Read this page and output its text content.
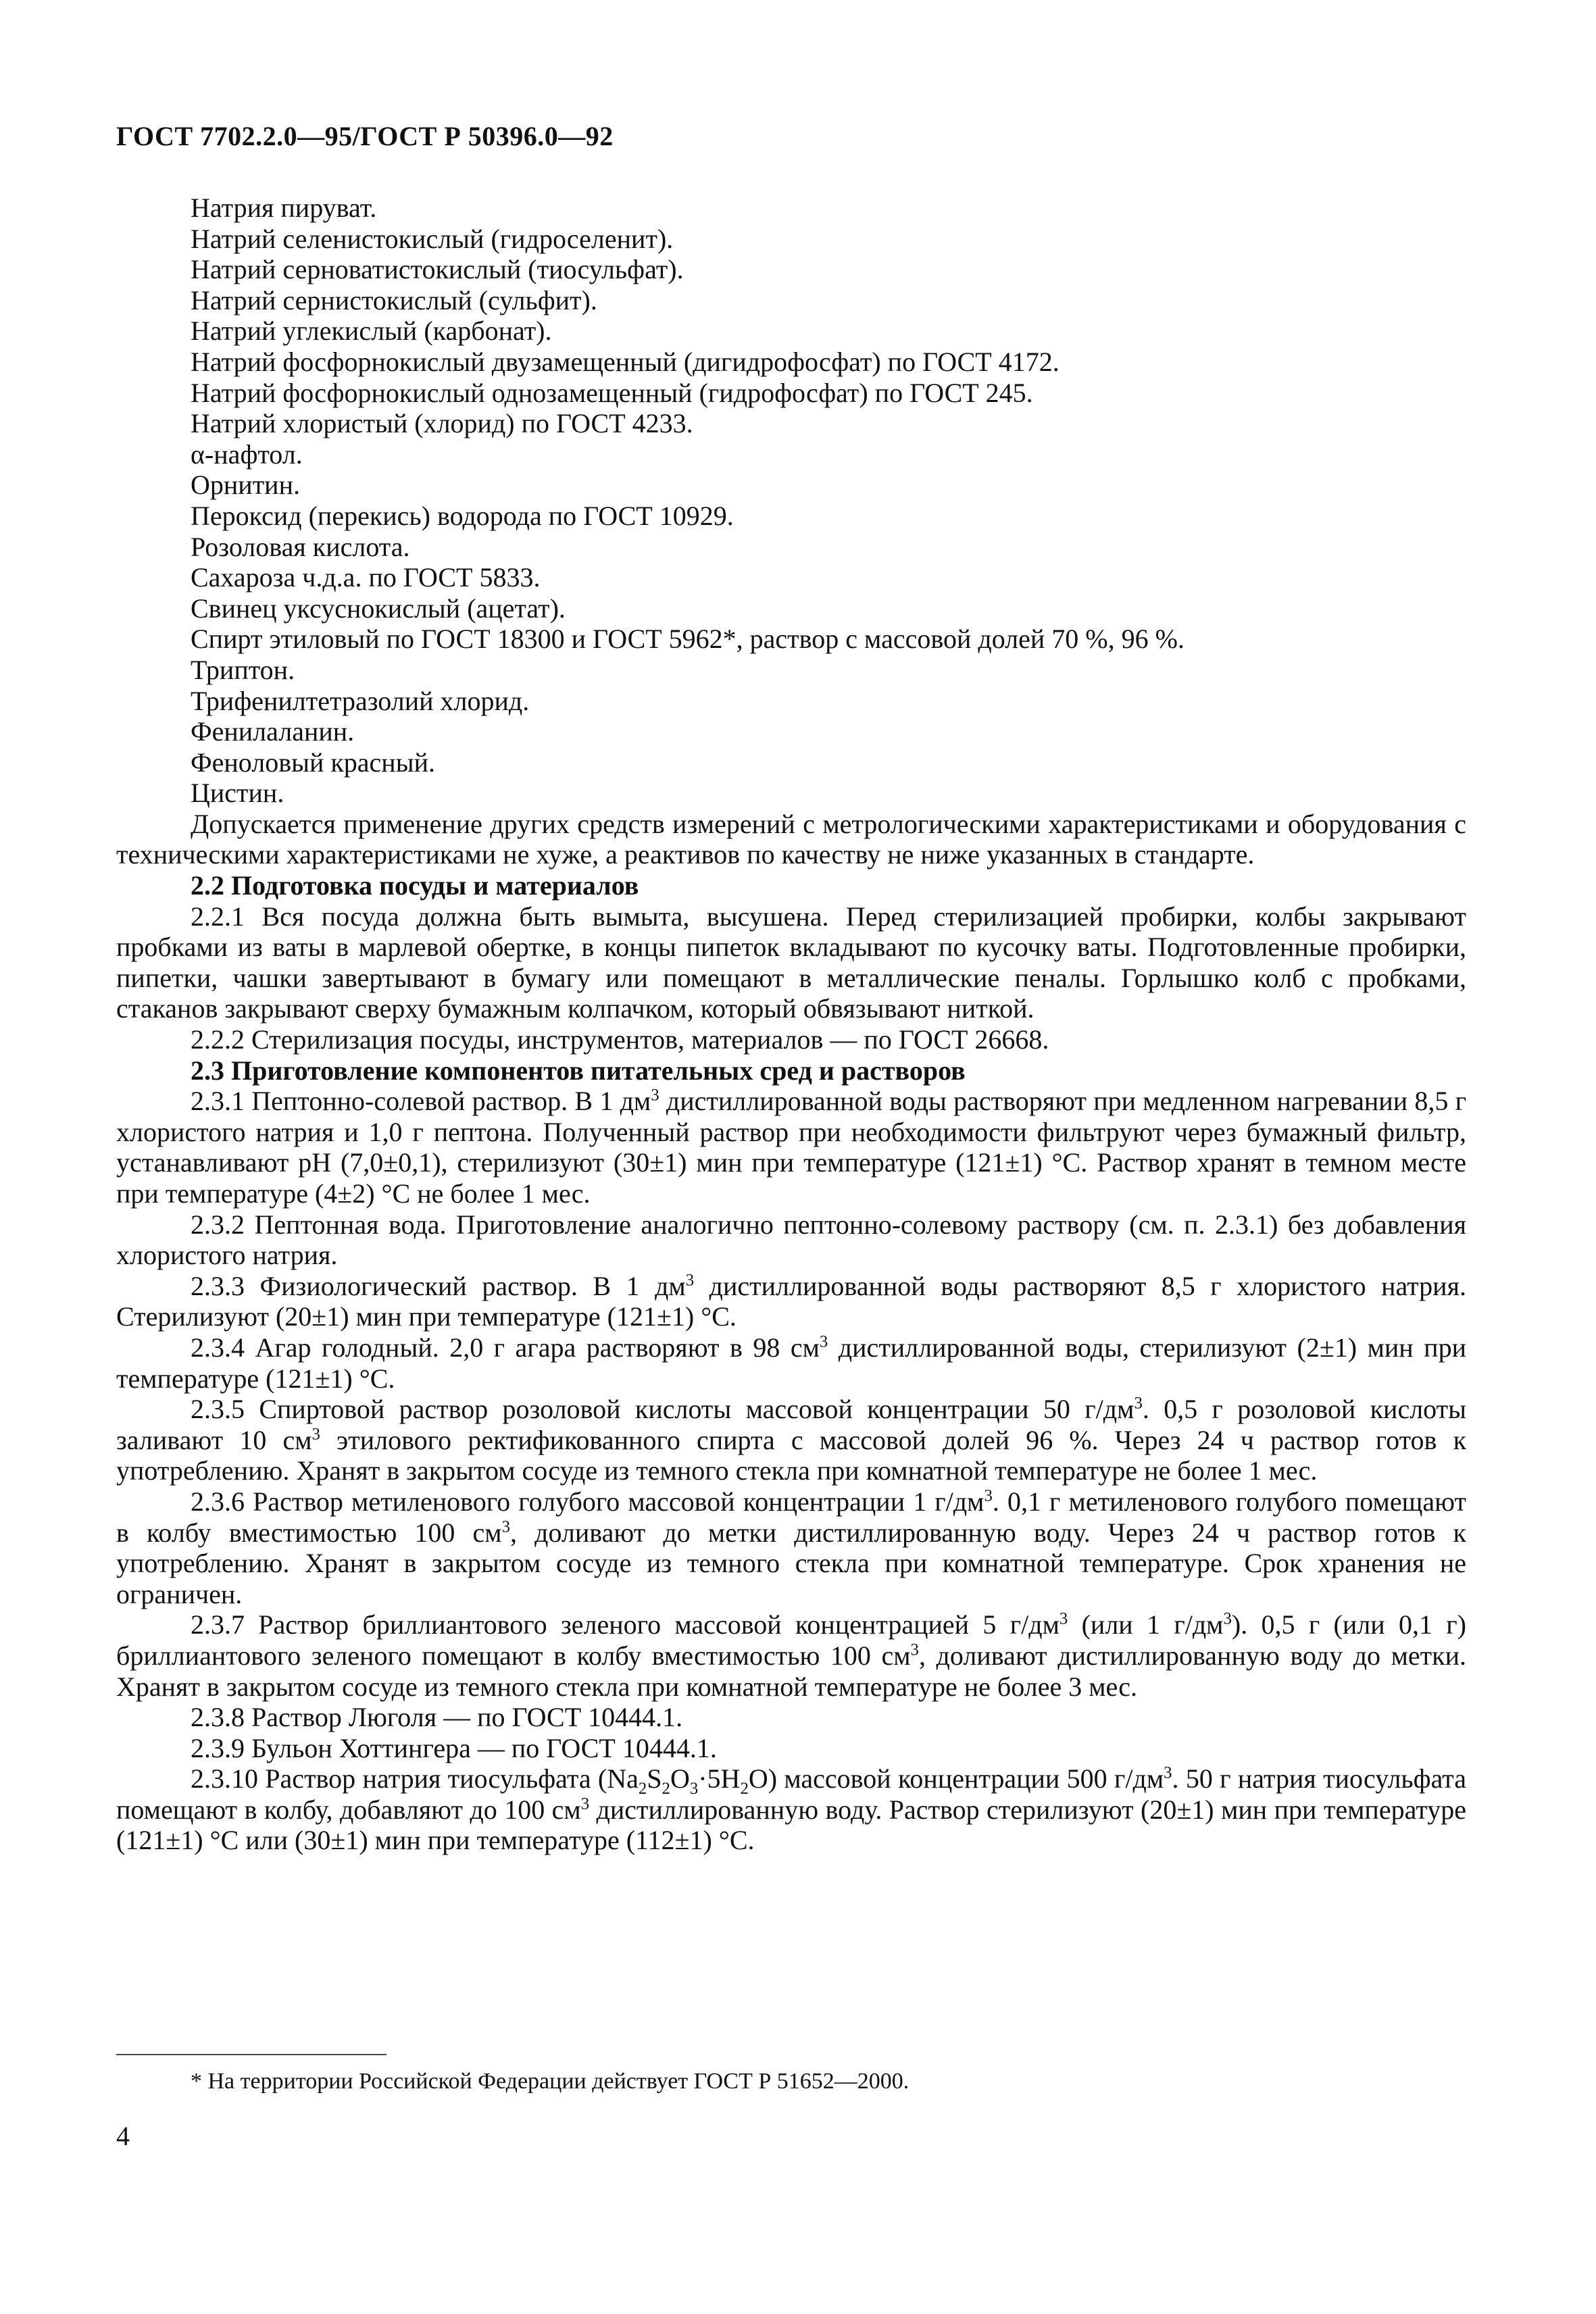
ГОСТ 7702.2.0—95/ГОСТ Р 50396.0—92
Натрия пируват.
Натрий селенистокислый (гидроселенит).
Натрий серноватистокислый (тиосульфат).
Натрий сернистокислый (сульфит).
Натрий углекислый (карбонат).
Натрий фосфорнокислый двузамещенный (дигидрофосфат) по ГОСТ 4172.
Натрий фосфорнокислый однозамещенный (гидрофосфат) по ГОСТ 245.
Натрий хлористый (хлорид) по ГОСТ 4233.
α-нафтол.
Орнитин.
Пероксид (перекись) водорода по ГОСТ 10929.
Розоловая кислота.
Сахароза ч.д.а. по ГОСТ 5833.
Свинец уксуснокислый (ацетат).
Спирт этиловый по ГОСТ 18300 и ГОСТ 5962*, раствор с массовой долей 70 %, 96 %.
Триптон.
Трифенилтетразолий хлорид.
Фенилаланин.
Феноловый красный.
Цистин.

Допускается применение других средств измерений с метрологическими характеристиками и оборудования с техническими характеристиками не хуже, а реактивов по качеству не ниже указанных в стандарте.

2.2 Подготовка посуды и материалов

2.2.1 Вся посуда должна быть вымыта, высушена. Перед стерилизацией пробирки, колбы закрывают пробками из ваты в марлевой обертке, в концы пипеток вкладывают по кусочку ваты. Подготовленные пробирки, пипетки, чашки завертывают в бумагу или помещают в металлические пеналы. Горлышко колб с пробками, стаканов закрывают сверху бумажным колпачком, который обвязывают ниткой.

2.2.2 Стерилизация посуды, инструментов, материалов — по ГОСТ 26668.

2.3 Приготовление компонентов питательных сред и растворов

2.3.1 Пептонно-солевой раствор. В 1 $дм^3$ дистиллированной воды растворяют при медленном нагревании 8,5 г хлористого натрия и 1,0 г пептона. Полученный раствор при необходимости фильтруют через бумажный фильтр, устанавливают pH (7,0±0,1), стерилизуют (30±1) мин при температуре (121±1) °С. Раствор хранят в темном месте при температуре (4±2) °С не более 1 мес.

2.3.2 Пептонная вода. Приготовление аналогично пептонно-солевому раствору (см. п. 2.3.1) без добавления хлористого натрия.

2.3.3 Физиологический раствор. В 1 $дм^3$ дистиллированной воды растворяют 8,5 г хлористого натрия. Стерилизуют (20±1) мин при температуре (121±1) °С.

2.3.4 Агар голодный. 2,0 г агара растворяют в 98 $см^3$ дистиллированной воды, стерилизуют (2±1) мин при температуре (121±1) °С.

2.3.5 Спиртовой раствор розоловой кислоты массовой концентрации 50 $г/дм^3$. 0,5 г розоловой кислоты заливают 10 $см^3$ этилового ректификованного спирта с массовой долей 96 %. Через 24 ч раствор готов к употреблению. Хранят в закрытом сосуде из темного стекла при комнатной температуре не более 1 мес.

2.3.6 Раствор метиленового голубого массовой концентрации 1 $г/дм^3$. 0,1 г метиленового голубого помещают в колбу вместимостью 100 $см^3$, доливают до метки дистиллированную воду. Через 24 ч раствор готов к употреблению. Хранят в закрытом сосуде из темного стекла при комнатной температуре. Срок хранения не ограничен.

2.3.7 Раствор бриллиантового зеленого массовой концентрацией 5 $г/дм^3$ (или 1 $г/дм^3$). 0,5 г (или 0,1 г) бриллиантового зеленого помещают в колбу вместимостью 100 $см^3$, доливают дистиллированную воду до метки. Хранят в закрытом сосуде из темного стекла при комнатной температуре не более 3 мес.

2.3.8 Раствор Люголя — по ГОСТ 10444.1.

2.3.9 Бульон Хоттингера — по ГОСТ 10444.1.

2.3.10 Раствор натрия тиосульфата $(Na_2S_2O_3\cdot 5H_2O)$ массовой концентрации 500 $г/дм^3$. 50 г натрия тиосульфата помещают в колбу, добавляют до 100 $см^3$ дистиллированную воду. Раствор стерилизуют (20±1) мин при температуре (121±1) °С или (30±1) мин при температуре (112±1) °С.

* На территории Российской Федерации действует ГОСТ Р 51652—2000.
4
